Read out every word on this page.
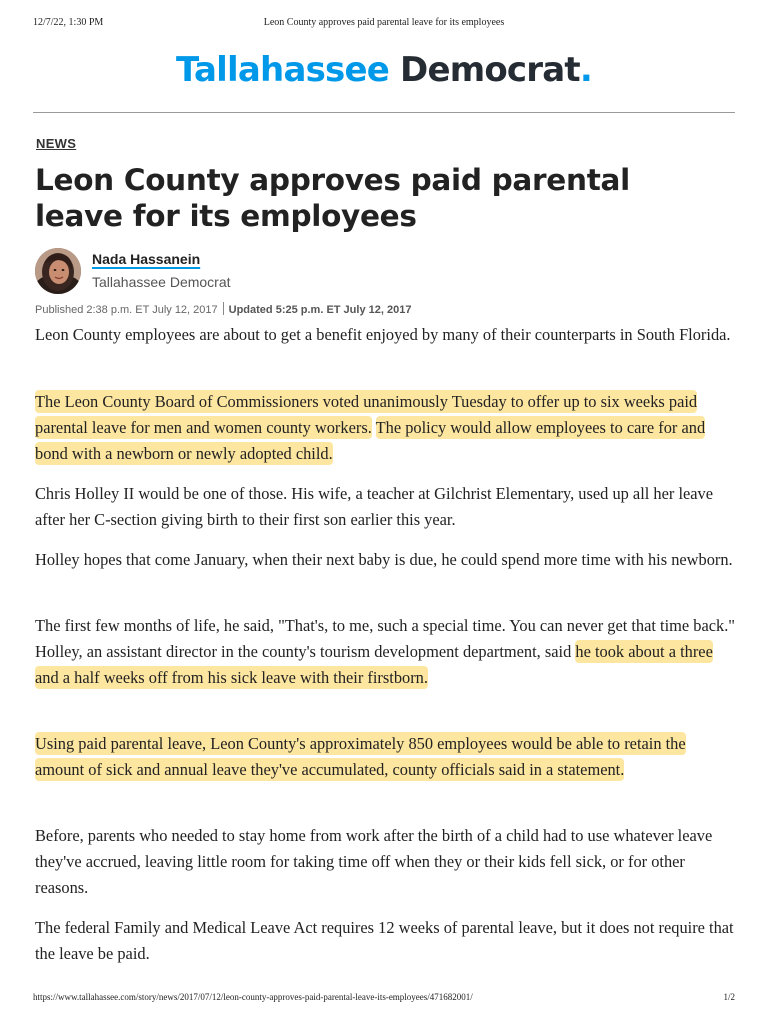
12/7/22, 1:30 PM	Leon County approves paid parental leave for its employees
Tallahassee Democrat.
NEWS
Leon County approves paid parental leave for its employees
Nada Hassanein
Tallahassee Democrat
Published 2:38 p.m. ET July 12, 2017 Updated 5:25 p.m. ET July 12, 2017

Leon County employees are about to get a benefit enjoyed by many of their counterparts in South Florida.

The Leon County Board of Commissioners voted unanimously Tuesday to offer up to six weeks paid parental leave for men and women county workers. The policy would allow employees to care for and bond with a newborn or newly adopted child.

Chris Holley II would be one of those. His wife, a teacher at Gilchrist Elementary, used up all her leave after her C-section giving birth to their first son earlier this year.

Holley hopes that come January, when their next baby is due, he could spend more time with his newborn.

The first few months of life, he said, "That's, to me, such a special time. You can never get that time back." Holley, an assistant director in the county's tourism development department, said he took about a three and a half weeks off from his sick leave with their firstborn.

Using paid parental leave, Leon County's approximately 850 employees would be able to retain the amount of sick and annual leave they've accumulated, county officials said in a statement.

Before, parents who needed to stay home from work after the birth of a child had to use whatever leave they've accrued, leaving little room for taking time off when they or their kids fell sick, or for other reasons.

The federal Family and Medical Leave Act requires 12 weeks of parental leave, but it does not require that the leave be paid.

https://www.tallahassee.com/story/news/2017/07/12/leon-county-approves-paid-parental-leave-its-employees/471682001/	1/2
